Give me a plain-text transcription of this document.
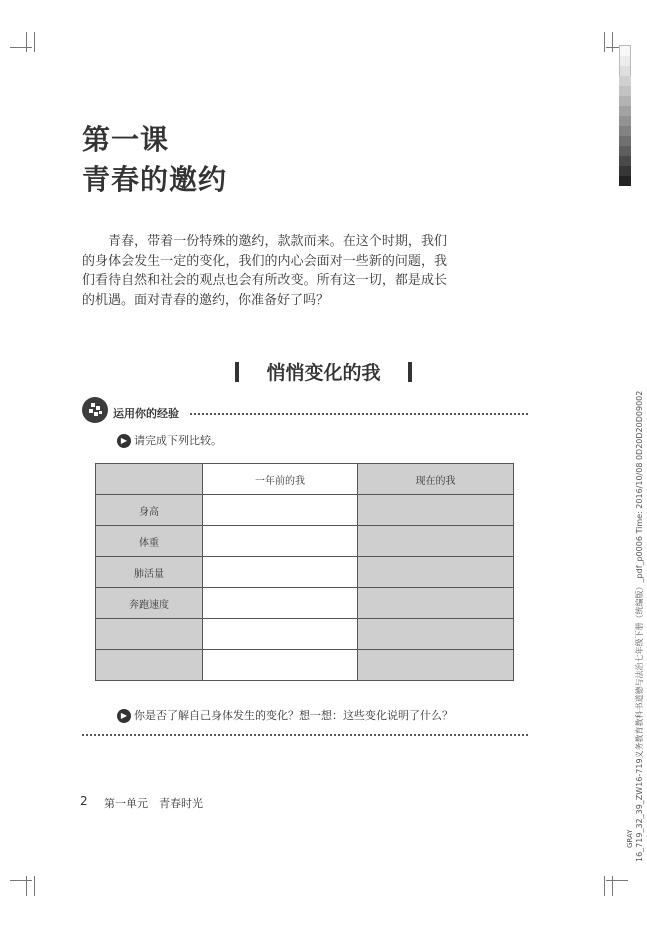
第一课
青春的邀约
青春，带着一份特殊的邀约，款款而来。在这个时期，我们的身体会发生一定的变化，我们的内心会面对一些新的问题，我们看待自然和社会的观点也会有所改变。所有这一切，都是成长的机遇。面对青春的邀约，你准备好了吗？
悄悄变化的我
运用你的经验
▶ 请完成下列比较。
	一年前的我	现在的我
身高		
体重		
肺活量		
奔跑速度		

▶ 你是否了解自己身体发生的变化？想一想：这些变化说明了什么？
2 第一单元　青春时光	16_719_32_39_ZW16-719义务教育教科书道德与法治七年级下册（统编版）_pdf_p0006 Time: 2016/10/08 0D20D20D09002
GRAY
